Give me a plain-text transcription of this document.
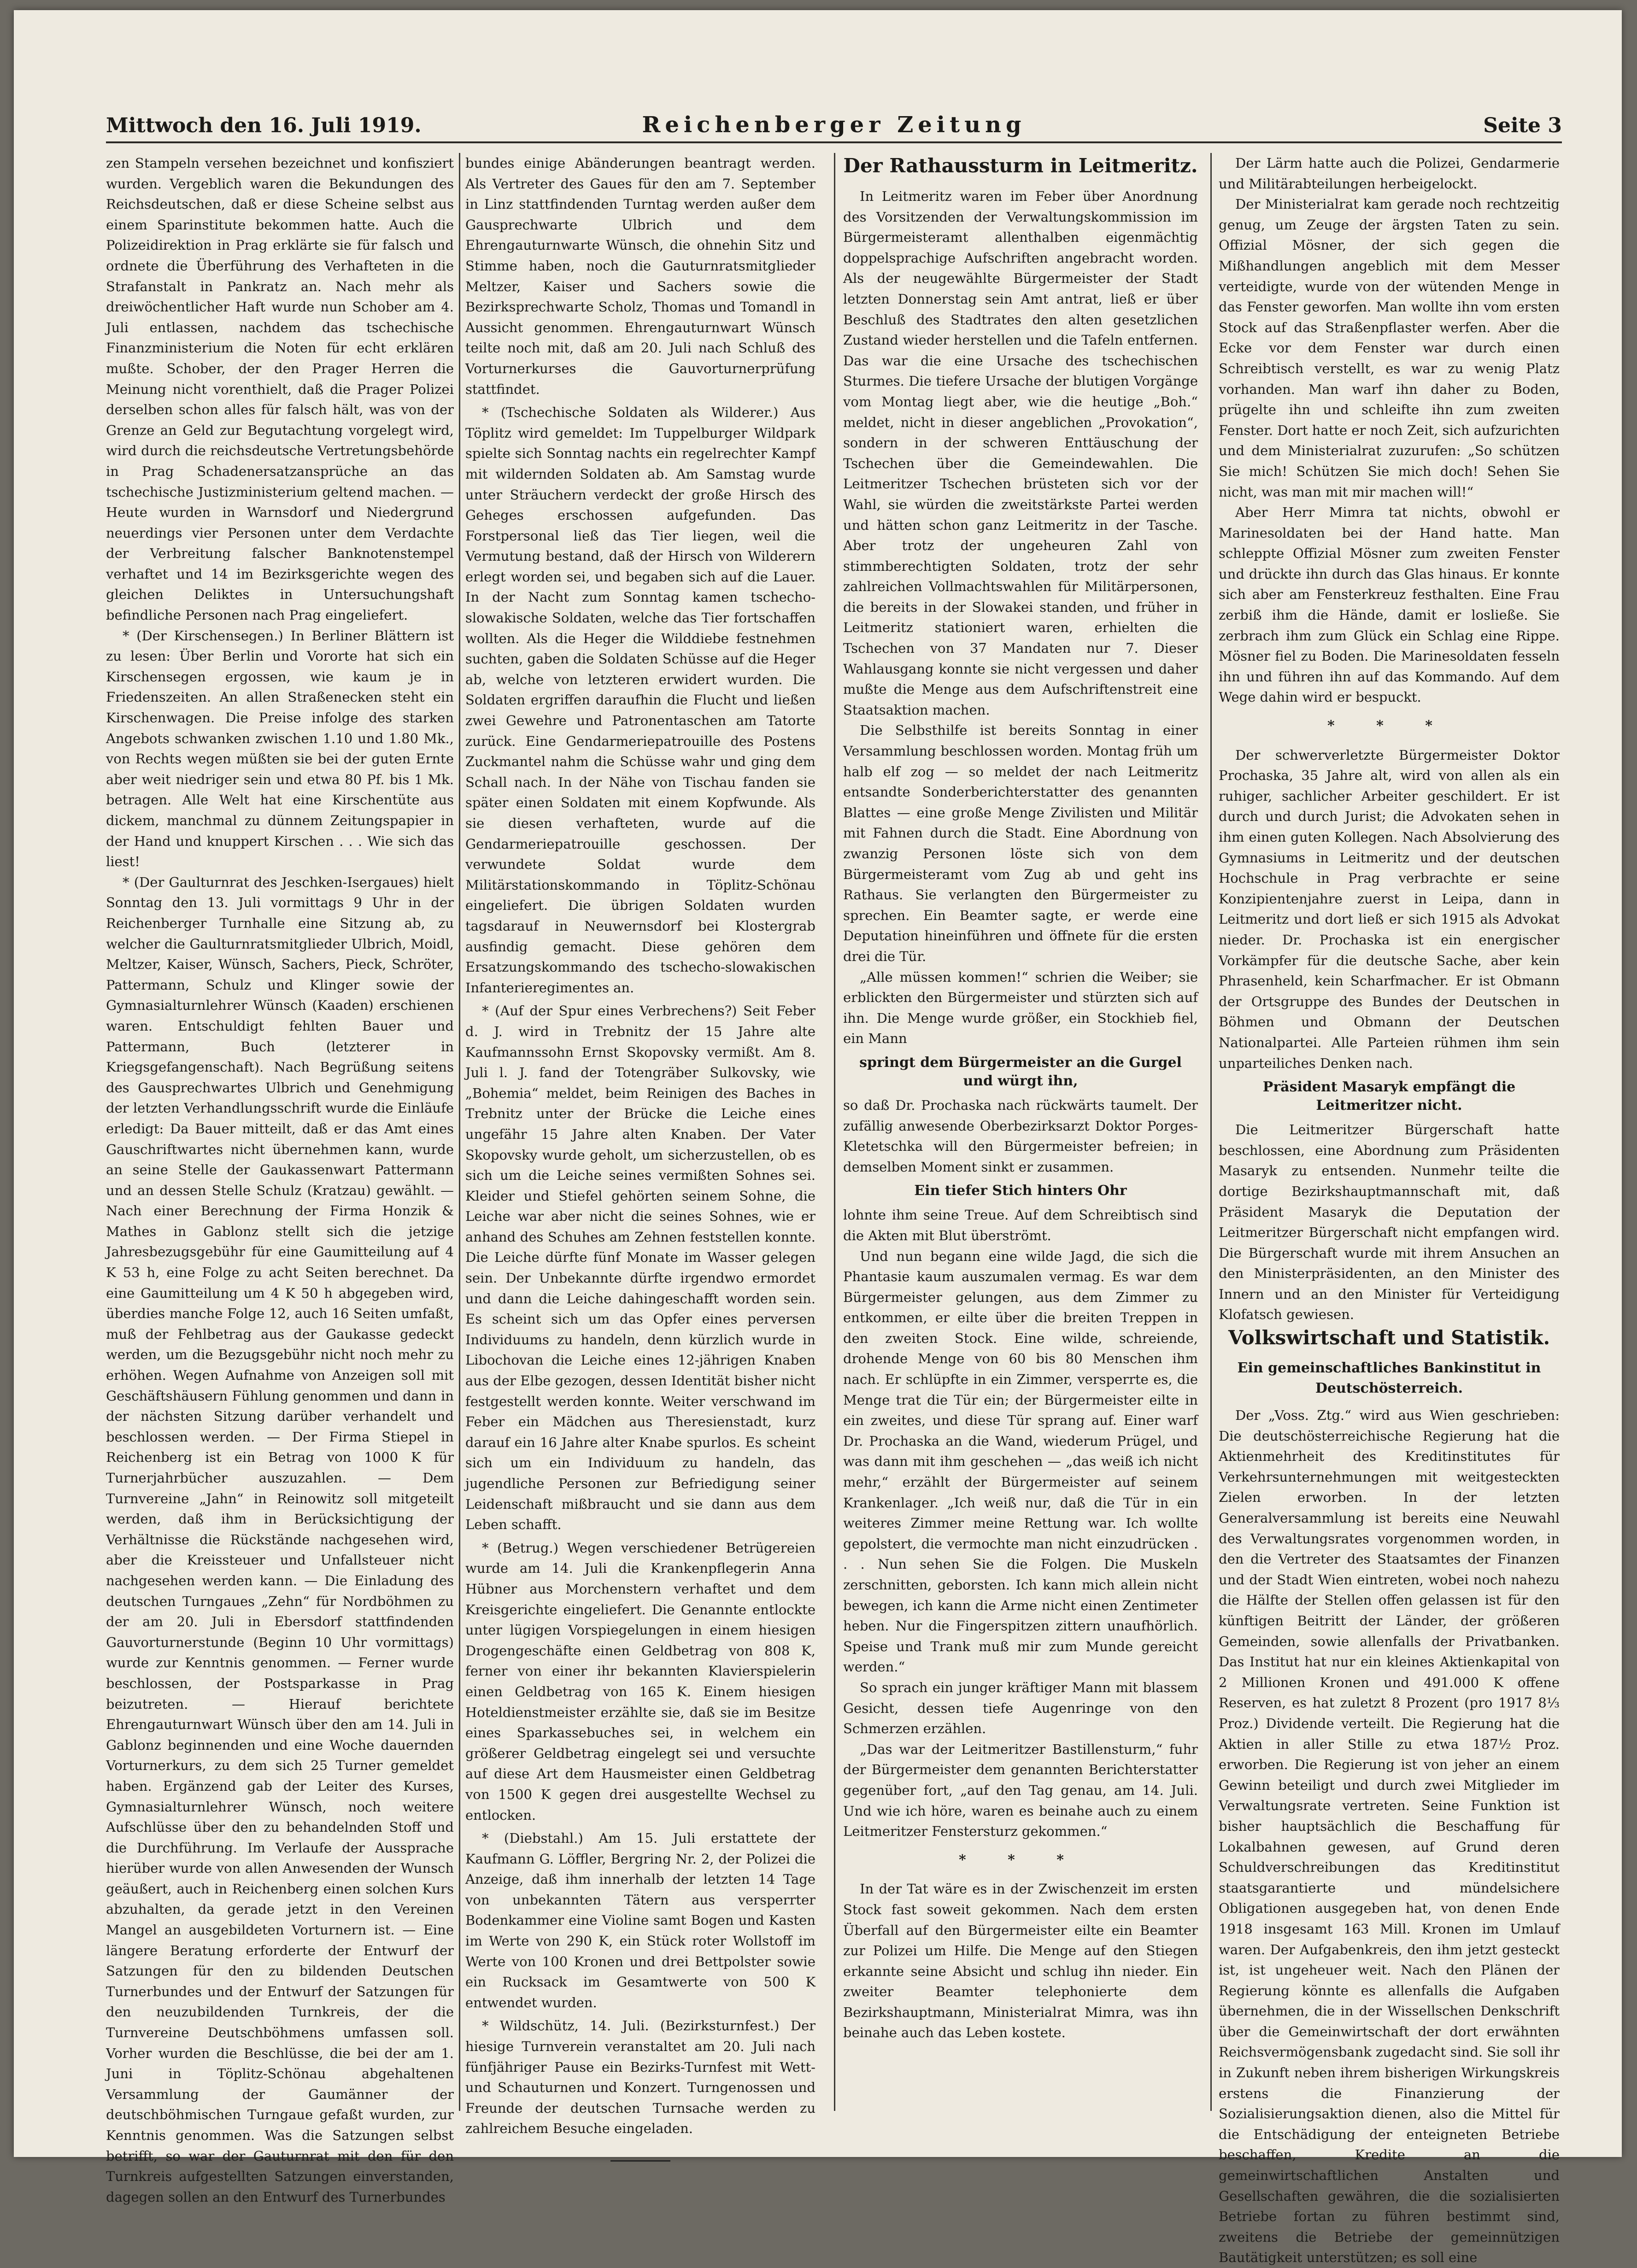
Mittwoch den 16. Juli 1919.	Reichenberger Zeitung	Seite 3

zen Stampeln versehen bezeichnet und konfisziert wurden. Vergeblich waren die Bekundungen des Reichsdeutschen, daß er diese Scheine selbst aus einem Sparinstitute bekommen hatte. Auch die Polizeidirektion in Prag erklärte sie für falsch und ordnete die Überführung des Verhafteten in die Strafanstalt in Pankratz an. Nach mehr als dreiwöchentlicher Haft wurde nun Schober am 4. Juli entlassen, nachdem das tschechische Finanzministerium die Noten für echt erklären mußte. Schober, der den Prager Herren die Meinung nicht vorenthielt, daß die Prager Polizei derselben schon alles für falsch hält, was von der Grenze an Geld zur Begutachtung vorgelegt wird, wird durch die reichsdeutsche Vertretungsbehörde in Prag Schadenersatzansprüche an das tschechische Justizministerium geltend machen. — Heute wurden in Warnsdorf und Niedergrund neuerdings vier Personen unter dem Verdachte der Verbreitung falscher Banknotenstempel verhaftet und 14 im Bezirksgerichte wegen des gleichen Deliktes in Untersuchungshaft befindliche Personen nach Prag eingeliefert.

* (Der Kirschensegen.) In Berliner Blättern ist zu lesen: Über Berlin und Vororte hat sich ein Kirschensegen ergossen, wie kaum je in Friedenszeiten. An allen Straßenecken steht ein Kirschenwagen. Die Preise infolge des starken Angebots schwanken zwischen 1.10 und 1.80 Mk., von Rechts wegen müßten sie bei der guten Ernte aber weit niedriger sein und etwa 80 Pf. bis 1 Mk. betragen. Alle Welt hat eine Kirschentüte aus dickem, manchmal zu dünnem Zeitungspapier in der Hand und knuppert Kirschen . . . Wie sich das liest!

* (Der Gaulturnrat des Jeschken-Isergaues) hielt Sonntag den 13. Juli vormittags 9 Uhr in der Reichenberger Turnhalle eine Sitzung ab, zu welcher die Gaulturnratsmitglieder Ulbrich, Moidl, Meltzer, Kaiser, Wünsch, Sachers, Pieck, Schröter, Pattermann, Schulz und Klinger sowie der Gymnasialturnlehrer Wünsch (Kaaden) erschienen waren. Entschuldigt fehlten Bauer und Pattermann, Buch (letzterer in Kriegsgefangenschaft). Nach Begrüßung seitens des Gausprechwartes Ulbrich und Genehmigung der letzten Verhandlungsschrift wurde die Einläufe erledigt: Da Bauer mitteilt, daß er das Amt eines Gauschriftwartes nicht übernehmen kann, wurde an seine Stelle der Gaukassenwart Pattermann und an dessen Stelle Schulz (Kratzau) gewählt. — Nach einer Berechnung der Firma Honzik & Mathes in Gablonz stellt sich die jetzige Jahresbezugsgebühr für eine Gaumitteilung auf 4 K 53 h, eine Folge zu acht Seiten berechnet. Da eine Gaumitteilung um 4 K 50 h abgegeben wird, überdies manche Folge 12, auch 16 Seiten umfaßt, muß der Fehlbetrag aus der Gaukasse gedeckt werden, um die Bezugsgebühr nicht noch mehr zu erhöhen. Wegen Aufnahme von Anzeigen soll mit Geschäftshäusern Fühlung genommen und dann in der nächsten Sitzung darüber verhandelt und beschlossen werden. — Der Firma Stiepel in Reichenberg ist ein Betrag von 1000 K für Turnerjahrbücher auszuzahlen. — Dem Turnvereine „Jahn“ in Reinowitz soll mitgeteilt werden, daß ihm in Berücksichtigung der Verhältnisse die Rückstände nachgesehen wird, aber die Kreissteuer und Unfallsteuer nicht nachgesehen werden kann. — Die Einladung des deutschen Turngaues „Zehn“ für Nordböhmen zu der am 20. Juli in Ebersdorf stattfindenden Gauvorturnerstunde (Beginn 10 Uhr vormittags) wurde zur Kenntnis genommen. — Ferner wurde beschlossen, der Postsparkasse in Prag beizutreten. — Hierauf berichtete Ehrengauturnwart Wünsch über den am 14. Juli in Gablonz beginnenden und eine Woche dauernden Vorturnerkurs, zu dem sich 25 Turner gemeldet haben. Ergänzend gab der Leiter des Kurses, Gymnasialturnlehrer Wünsch, noch weitere Aufschlüsse über den zu behandelnden Stoff und die Durchführung. Im Verlaufe der Aussprache hierüber wurde von allen Anwesenden der Wunsch geäußert, auch in Reichenberg einen solchen Kurs abzuhalten, da gerade jetzt in den Vereinen Mangel an ausgebildeten Vorturnern ist. — Eine längere Beratung erforderte der Entwurf der Satzungen für den zu bildenden Deutschen Turnerbundes und der Entwurf der Satzungen für den neuzubildenden Turnkreis, der die Turnvereine Deutschböhmens umfassen soll. Vorher wurden die Beschlüsse, die bei der am 1. Juni in Töplitz-Schönau abgehaltenen Versammlung der Gaumänner der deutschböhmischen Turngaue gefaßt wurden, zur Kenntnis genommen. Was die Satzungen selbst betrifft, so war der Gauturnrat mit den für den Turnkreis aufgestellten Satzungen einverstanden, dagegen sollen an den Entwurf des Turnerbundes

bundes einige Abänderungen beantragt werden. Als Vertreter des Gaues für den am 7. September in Linz stattfindenden Turntag werden außer dem Gausprechwarte Ulbrich und dem Ehrengauturnwarte Wünsch, die ohnehin Sitz und Stimme haben, noch die Gauturnratsmitglieder Meltzer, Kaiser und Sachers sowie die Bezirksprechwarte Scholz, Thomas und Tomandl in Aussicht genommen. Ehrengauturnwart Wünsch teilte noch mit, daß am 20. Juli nach Schluß des Vorturnerkurses die Gauvorturnerprüfung stattfindet.

* (Tschechische Soldaten als Wilderer.) Aus Töplitz wird gemeldet: Im Tuppelburger Wildpark spielte sich Sonntag nachts ein regelrechter Kampf mit wildernden Soldaten ab. Am Samstag wurde unter Sträuchern verdeckt der große Hirsch des Geheges erschossen aufgefunden. Das Forstpersonal ließ das Tier liegen, weil die Vermutung bestand, daß der Hirsch von Wilderern erlegt worden sei, und begaben sich auf die Lauer. In der Nacht zum Sonntag kamen tschecho-slowakische Soldaten, welche das Tier fortschaffen wollten. Als die Heger die Wilddiebe festnehmen suchten, gaben die Soldaten Schüsse auf die Heger ab, welche von letzteren erwidert wurden. Die Soldaten ergriffen daraufhin die Flucht und ließen zwei Gewehre und Patronentaschen am Tatorte zurück. Eine Gendarmeriepatrouille des Postens Zuckmantel nahm die Schüsse wahr und ging dem Schall nach. In der Nähe von Tischau fanden sie später einen Soldaten mit einem Kopfwunde. Als sie diesen verhafteten, wurde auf die Gendarmeriepatrouille geschossen. Der verwundete Soldat wurde dem Militärstationskommando in Töplitz-Schönau eingeliefert. Die übrigen Soldaten wurden tagsdarauf in Neuwernsdorf bei Klostergrab ausfindig gemacht. Diese gehören dem Ersatzungskommando des tschecho-slowakischen Infanterieregimentes an.

* (Auf der Spur eines Verbrechens?) Seit Feber d. J. wird in Trebnitz der 15 Jahre alte Kaufmannssohn Ernst Skopovsky vermißt. Am 8. Juli l. J. fand der Totengräber Sulkovsky, wie „Bohemia“ meldet, beim Reinigen des Baches in Trebnitz unter der Brücke die Leiche eines ungefähr 15 Jahre alten Knaben. Der Vater Skopovsky wurde geholt, um sicherzustellen, ob es sich um die Leiche seines vermißten Sohnes sei. Kleider und Stiefel gehörten seinem Sohne, die Leiche war aber nicht die seines Sohnes, wie er anhand des Schuhes am Zehnen feststellen konnte. Die Leiche dürfte fünf Monate im Wasser gelegen sein. Der Unbekannte dürfte irgendwo ermordet und dann die Leiche dahingeschafft worden sein. Es scheint sich um das Opfer eines perversen Individuums zu handeln, denn kürzlich wurde in Libochovan die Leiche eines 12-jährigen Knaben aus der Elbe gezogen, dessen Identität bisher nicht festgestellt werden konnte. Weiter verschwand im Feber ein Mädchen aus Theresienstadt, kurz darauf ein 16 Jahre alter Knabe spurlos. Es scheint sich um ein Individuum zu handeln, das jugendliche Personen zur Befriedigung seiner Leidenschaft mißbraucht und sie dann aus dem Leben schafft.

* (Betrug.) Wegen verschiedener Betrügereien wurde am 14. Juli die Krankenpflegerin Anna Hübner aus Morchenstern verhaftet und dem Kreisgerichte eingeliefert. Die Genannte entlockte unter lügigen Vorspiegelungen in einem hiesigen Drogengeschäfte einen Geldbetrag von 808 K, ferner von einer ihr bekannten Klavierspielerin einen Geldbetrag von 165 K. Einem hiesigen Hoteldienstmeister erzählte sie, daß sie im Besitze eines Sparkassebuches sei, in welchem ein größerer Geldbetrag eingelegt sei und versuchte auf diese Art dem Hausmeister einen Geldbetrag von 1500 K gegen drei ausgestellte Wechsel zu entlocken.

* (Diebstahl.) Am 15. Juli erstattete der Kaufmann G. Löffler, Bergring Nr. 2, der Polizei die Anzeige, daß ihm innerhalb der letzten 14 Tage von unbekannten Tätern aus versperrter Bodenkammer eine Violine samt Bogen und Kasten im Werte von 290 K, ein Stück roter Wollstoff im Werte von 100 Kronen und drei Bettpolster sowie ein Rucksack im Gesamtwerte von 500 K entwendet wurden.

* Wildschütz, 14. Juli. (Bezirksturnfest.) Der hiesige Turnverein veranstaltet am 20. Juli nach fünfjähriger Pause ein Bezirks-Turnfest mit Wett- und Schauturnen und Konzert. Turngenossen und Freunde der deutschen Turnsache werden zu zahlreichem Besuche eingeladen.

Der Rathaussturm in Leitmeritz.

In Leitmeritz waren im Feber über Anordnung des Vorsitzenden der Verwaltungskommission im Bürgermeisteramt allenthalben eigenmächtig doppelsprachige Aufschriften angebracht worden. Als der neugewählte Bürgermeister der Stadt letzten Donnerstag sein Amt antrat, ließ er über Beschluß des Stadtrates den alten gesetzlichen Zustand wieder herstellen und die Tafeln entfernen. Das war die eine Ursache des tschechischen Sturmes. Die tiefere Ursache der blutigen Vorgänge vom Montag liegt aber, wie die heutige „Boh.“ meldet, nicht in dieser angeblichen „Provokation“, sondern in der schweren Enttäuschung der Tschechen über die Gemeindewahlen. Die Leitmeritzer Tschechen brüsteten sich vor der Wahl, sie würden die zweitstärkste Partei werden und hätten schon ganz Leitmeritz in der Tasche. Aber trotz der ungeheuren Zahl von stimmberechtigten Soldaten, trotz der sehr zahlreichen Vollmachtswahlen für Militärpersonen, die bereits in der Slowakei standen, und früher in Leitmeritz stationiert waren, erhielten die Tschechen von 37 Mandaten nur 7. Dieser Wahlausgang konnte sie nicht vergessen und daher mußte die Menge aus dem Aufschriftenstreit eine Staatsaktion machen.

Die Selbsthilfe ist bereits Sonntag in einer Versammlung beschlossen worden. Montag früh um halb elf zog — so meldet der nach Leitmeritz entsandte Sonderberichterstatter des genannten Blattes — eine große Menge Zivilisten und Militär mit Fahnen durch die Stadt. Eine Abordnung von zwanzig Personen löste sich von dem Bürgermeisteramt vom Zug ab und geht ins Rathaus. Sie verlangten den Bürgermeister zu sprechen. Ein Beamter sagte, er werde eine Deputation hineinführen und öffnete für die ersten drei die Tür.

„Alle müssen kommen!“ schrien die Weiber; sie erblickten den Bürgermeister und stürzten sich auf ihn. Die Menge wurde größer, ein Stockhieb fiel, ein Mann

springt dem Bürgermeister an die Gurgel und würgt ihn,

so daß Dr. Prochaska nach rückwärts taumelt. Der zufällig anwesende Oberbezirksarzt Doktor Porges-Kletetschka will den Bürgermeister befreien; in demselben Moment sinkt er zusammen.

Ein tiefer Stich hinters Ohr

lohnte ihm seine Treue. Auf dem Schreibtisch sind die Akten mit Blut überströmt.

Und nun begann eine wilde Jagd, die sich die Phantasie kaum auszumalen vermag. Es war dem Bürgermeister gelungen, aus dem Zimmer zu entkommen, er eilte über die breiten Treppen in den zweiten Stock. Eine wilde, schreiende, drohende Menge von 60 bis 80 Menschen ihm nach. Er schlüpfte in ein Zimmer, versperrte es, die Menge trat die Tür ein; der Bürgermeister eilte in ein zweites, und diese Tür sprang auf. Einer warf Dr. Prochaska an die Wand, wiederum Prügel, und was dann mit ihm geschehen — „das weiß ich nicht mehr,“ erzählt der Bürgermeister auf seinem Krankenlager. „Ich weiß nur, daß die Tür in ein weiteres Zimmer meine Rettung war. Ich wollte gepolstert, die vermochte man nicht einzudrücken . . . Nun sehen Sie die Folgen. Die Muskeln zerschnitten, geborsten. Ich kann mich allein nicht bewegen, ich kann die Arme nicht einen Zentimeter heben. Nur die Fingerspitzen zittern unaufhörlich. Speise und Trank muß mir zum Munde gereicht werden.“

So sprach ein junger kräftiger Mann mit blassem Gesicht, dessen tiefe Augenringe von den Schmerzen erzählen.

„Das war der Leitmeritzer Bastillensturm,“ fuhr der Bürgermeister dem genannten Berichterstatter gegenüber fort, „auf den Tag genau, am 14. Juli. Und wie ich höre, waren es beinahe auch zu einem Leitmeritzer Fenstersturz gekommen.“

* * *

In der Tat wäre es in der Zwischenzeit im ersten Stock fast soweit gekommen. Nach dem ersten Überfall auf den Bürgermeister eilte ein Beamter zur Polizei um Hilfe. Die Menge auf den Stiegen erkannte seine Absicht und schlug ihn nieder. Ein zweiter Beamter telephonierte dem Bezirkshauptmann, Ministerialrat Mimra, was ihn beinahe auch das Leben kostete.

Der Lärm hatte auch die Polizei, Gendarmerie und Militärabteilungen herbeigelockt.

Der Ministerialrat kam gerade noch rechtzeitig genug, um Zeuge der ärgsten Taten zu sein. Offizial Mösner, der sich gegen die Mißhandlungen angeblich mit dem Messer verteidigte, wurde von der wütenden Menge in das Fenster geworfen. Man wollte ihn vom ersten Stock auf das Straßenpflaster werfen. Aber die Ecke vor dem Fenster war durch einen Schreibtisch verstellt, es war zu wenig Platz vorhanden. Man warf ihn daher zu Boden, prügelte ihn und schleifte ihn zum zweiten Fenster. Dort hatte er noch Zeit, sich aufzurichten und dem Ministerialrat zuzurufen: „So schützen Sie mich! Schützen Sie mich doch! Sehen Sie nicht, was man mit mir machen will!“

Aber Herr Mimra tat nichts, obwohl er Marinesoldaten bei der Hand hatte. Man schleppte Offizial Mösner zum zweiten Fenster und drückte ihn durch das Glas hinaus. Er konnte sich aber am Fensterkreuz festhalten. Eine Frau zerbiß ihm die Hände, damit er losließe. Sie zerbrach ihm zum Glück ein Schlag eine Rippe. Mösner fiel zu Boden. Die Marinesoldaten fesseln ihn und führen ihn auf das Kommando. Auf dem Wege dahin wird er bespuckt.

* * *

Der schwerverletzte Bürgermeister Doktor Prochaska, 35 Jahre alt, wird von allen als ein ruhiger, sachlicher Arbeiter geschildert. Er ist durch und durch Jurist; die Advokaten sehen in ihm einen guten Kollegen. Nach Absolvierung des Gymnasiums in Leitmeritz und der deutschen Hochschule in Prag verbrachte er seine Konzipientenjahre zuerst in Leipa, dann in Leitmeritz und dort ließ er sich 1915 als Advokat nieder. Dr. Prochaska ist ein energischer Vorkämpfer für die deutsche Sache, aber kein Phrasenheld, kein Scharfmacher. Er ist Obmann der Ortsgruppe des Bundes der Deutschen in Böhmen und Obmann der Deutschen Nationalpartei. Alle Parteien rühmen ihm sein unparteiliches Denken nach.

Präsident Masaryk empfängt die Leitmeritzer nicht.

Die Leitmeritzer Bürgerschaft hatte beschlossen, eine Abordnung zum Präsidenten Masaryk zu entsenden. Nunmehr teilte die dortige Bezirkshauptmannschaft mit, daß Präsident Masaryk die Deputation der Leitmeritzer Bürgerschaft nicht empfangen wird. Die Bürgerschaft wurde mit ihrem Ansuchen an den Ministerpräsidenten, an den Minister des Innern und an den Minister für Verteidigung Klofatsch gewiesen.

Volkswirtschaft und Statistik.
Ein gemeinschaftliches Bankinstitut in Deutschösterreich.

Der „Voss. Ztg.“ wird aus Wien geschrieben: Die deutschösterreichische Regierung hat die Aktienmehrheit des Kreditinstitutes für Verkehrsunternehmungen mit weitgesteckten Zielen erworben. In der letzten Generalversammlung ist bereits eine Neuwahl des Verwaltungsrates vorgenommen worden, in den die Vertreter des Staatsamtes der Finanzen und der Stadt Wien eintreten, wobei noch nahezu die Hälfte der Stellen offen gelassen ist für den künftigen Beitritt der Länder, der größeren Gemeinden, sowie allenfalls der Privatbanken. Das Institut hat nur ein kleines Aktienkapital von 2 Millionen Kronen und 491.000 K offene Reserven, es hat zuletzt 8 Prozent (pro 1917 8⅓ Proz.) Dividende verteilt. Die Regierung hat die Aktien in aller Stille zu etwa 187½ Proz. erworben. Die Regierung ist von jeher an einem Gewinn beteiligt und durch zwei Mitglieder im Verwaltungsrate vertreten. Seine Funktion ist bisher hauptsächlich die Beschaffung für Lokalbahnen gewesen, auf Grund deren Schuldverschreibungen das Kreditinstitut staatsgarantierte und mündelsichere Obligationen ausgegeben hat, von denen Ende 1918 insgesamt 163 Mill. Kronen im Umlauf waren. Der Aufgabenkreis, den ihm jetzt gesteckt ist, ist ungeheuer weit. Nach den Plänen der Regierung könnte es allenfalls die Aufgaben übernehmen, die in der Wissellschen Denkschrift über die Gemeinwirtschaft der dort erwähnten Reichsvermögensbank zugedacht sind. Sie soll ihr in Zukunft neben ihrem bisherigen Wirkungskreis erstens die Finanzierung der Sozialisierungsaktion dienen, also die Mittel für die Entschädigung der enteigneten Betriebe beschaffen, Kredite an die gemeinwirtschaftlichen Anstalten und Gesellschaften gewähren, die die sozialisierten Betriebe fortan zu führen bestimmt sind, zweitens die Betriebe der gemeinnützigen Bautätigkeit unterstützen; es soll eine
